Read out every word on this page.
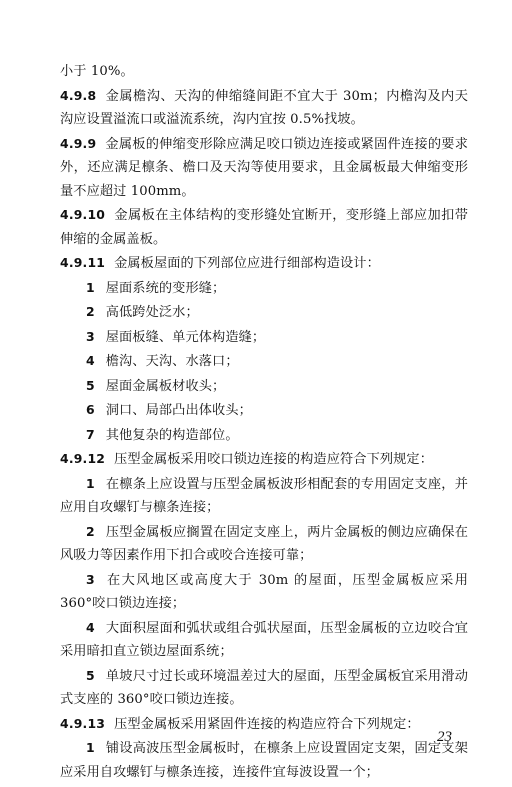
小于 10%。

4.9.8 金属檐沟、天沟的伸缩缝间距不宜大于 30m；内檐沟及内天沟应设置溢流口或溢流系统，沟内宜按 0.5%找坡。

4.9.9 金属板的伸缩变形除应满足咬口锁边连接或紧固件连接的要求外，还应满足檩条、檐口及天沟等使用要求，且金属板最大伸缩变形量不应超过 100mm。

4.9.10 金属板在主体结构的变形缝处宜断开，变形缝上部应加扣带伸缩的金属盖板。

4.9.11 金属板屋面的下列部位应进行细部构造设计：

1 屋面系统的变形缝；

2 高低跨处泛水；

3 屋面板缝、单元体构造缝；

4 檐沟、天沟、水落口；

5 屋面金属板材收头；

6 洞口、局部凸出体收头；

7 其他复杂的构造部位。

4.9.12 压型金属板采用咬口锁边连接的构造应符合下列规定：

1 在檩条上应设置与压型金属板波形相配套的专用固定支座，并应用自攻螺钉与檩条连接；

2 压型金属板应搁置在固定支座上，两片金属板的侧边应确保在风吸力等因素作用下扣合或咬合连接可靠；

3 在大风地区或高度大于 30m 的屋面，压型金属板应采用 360°咬口锁边连接；

4 大面积屋面和弧状或组合弧状屋面，压型金属板的立边咬合宜采用暗扣直立锁边屋面系统；

5 单坡尺寸过长或环境温差过大的屋面，压型金属板宜采用滑动式支座的 360°咬口锁边连接。

4.9.13 压型金属板采用紧固件连接的构造应符合下列规定：

1 铺设高波压型金属板时，在檩条上应设置固定支架，固定支架应采用自攻螺钉与檩条连接，连接件宜每波设置一个；

23
